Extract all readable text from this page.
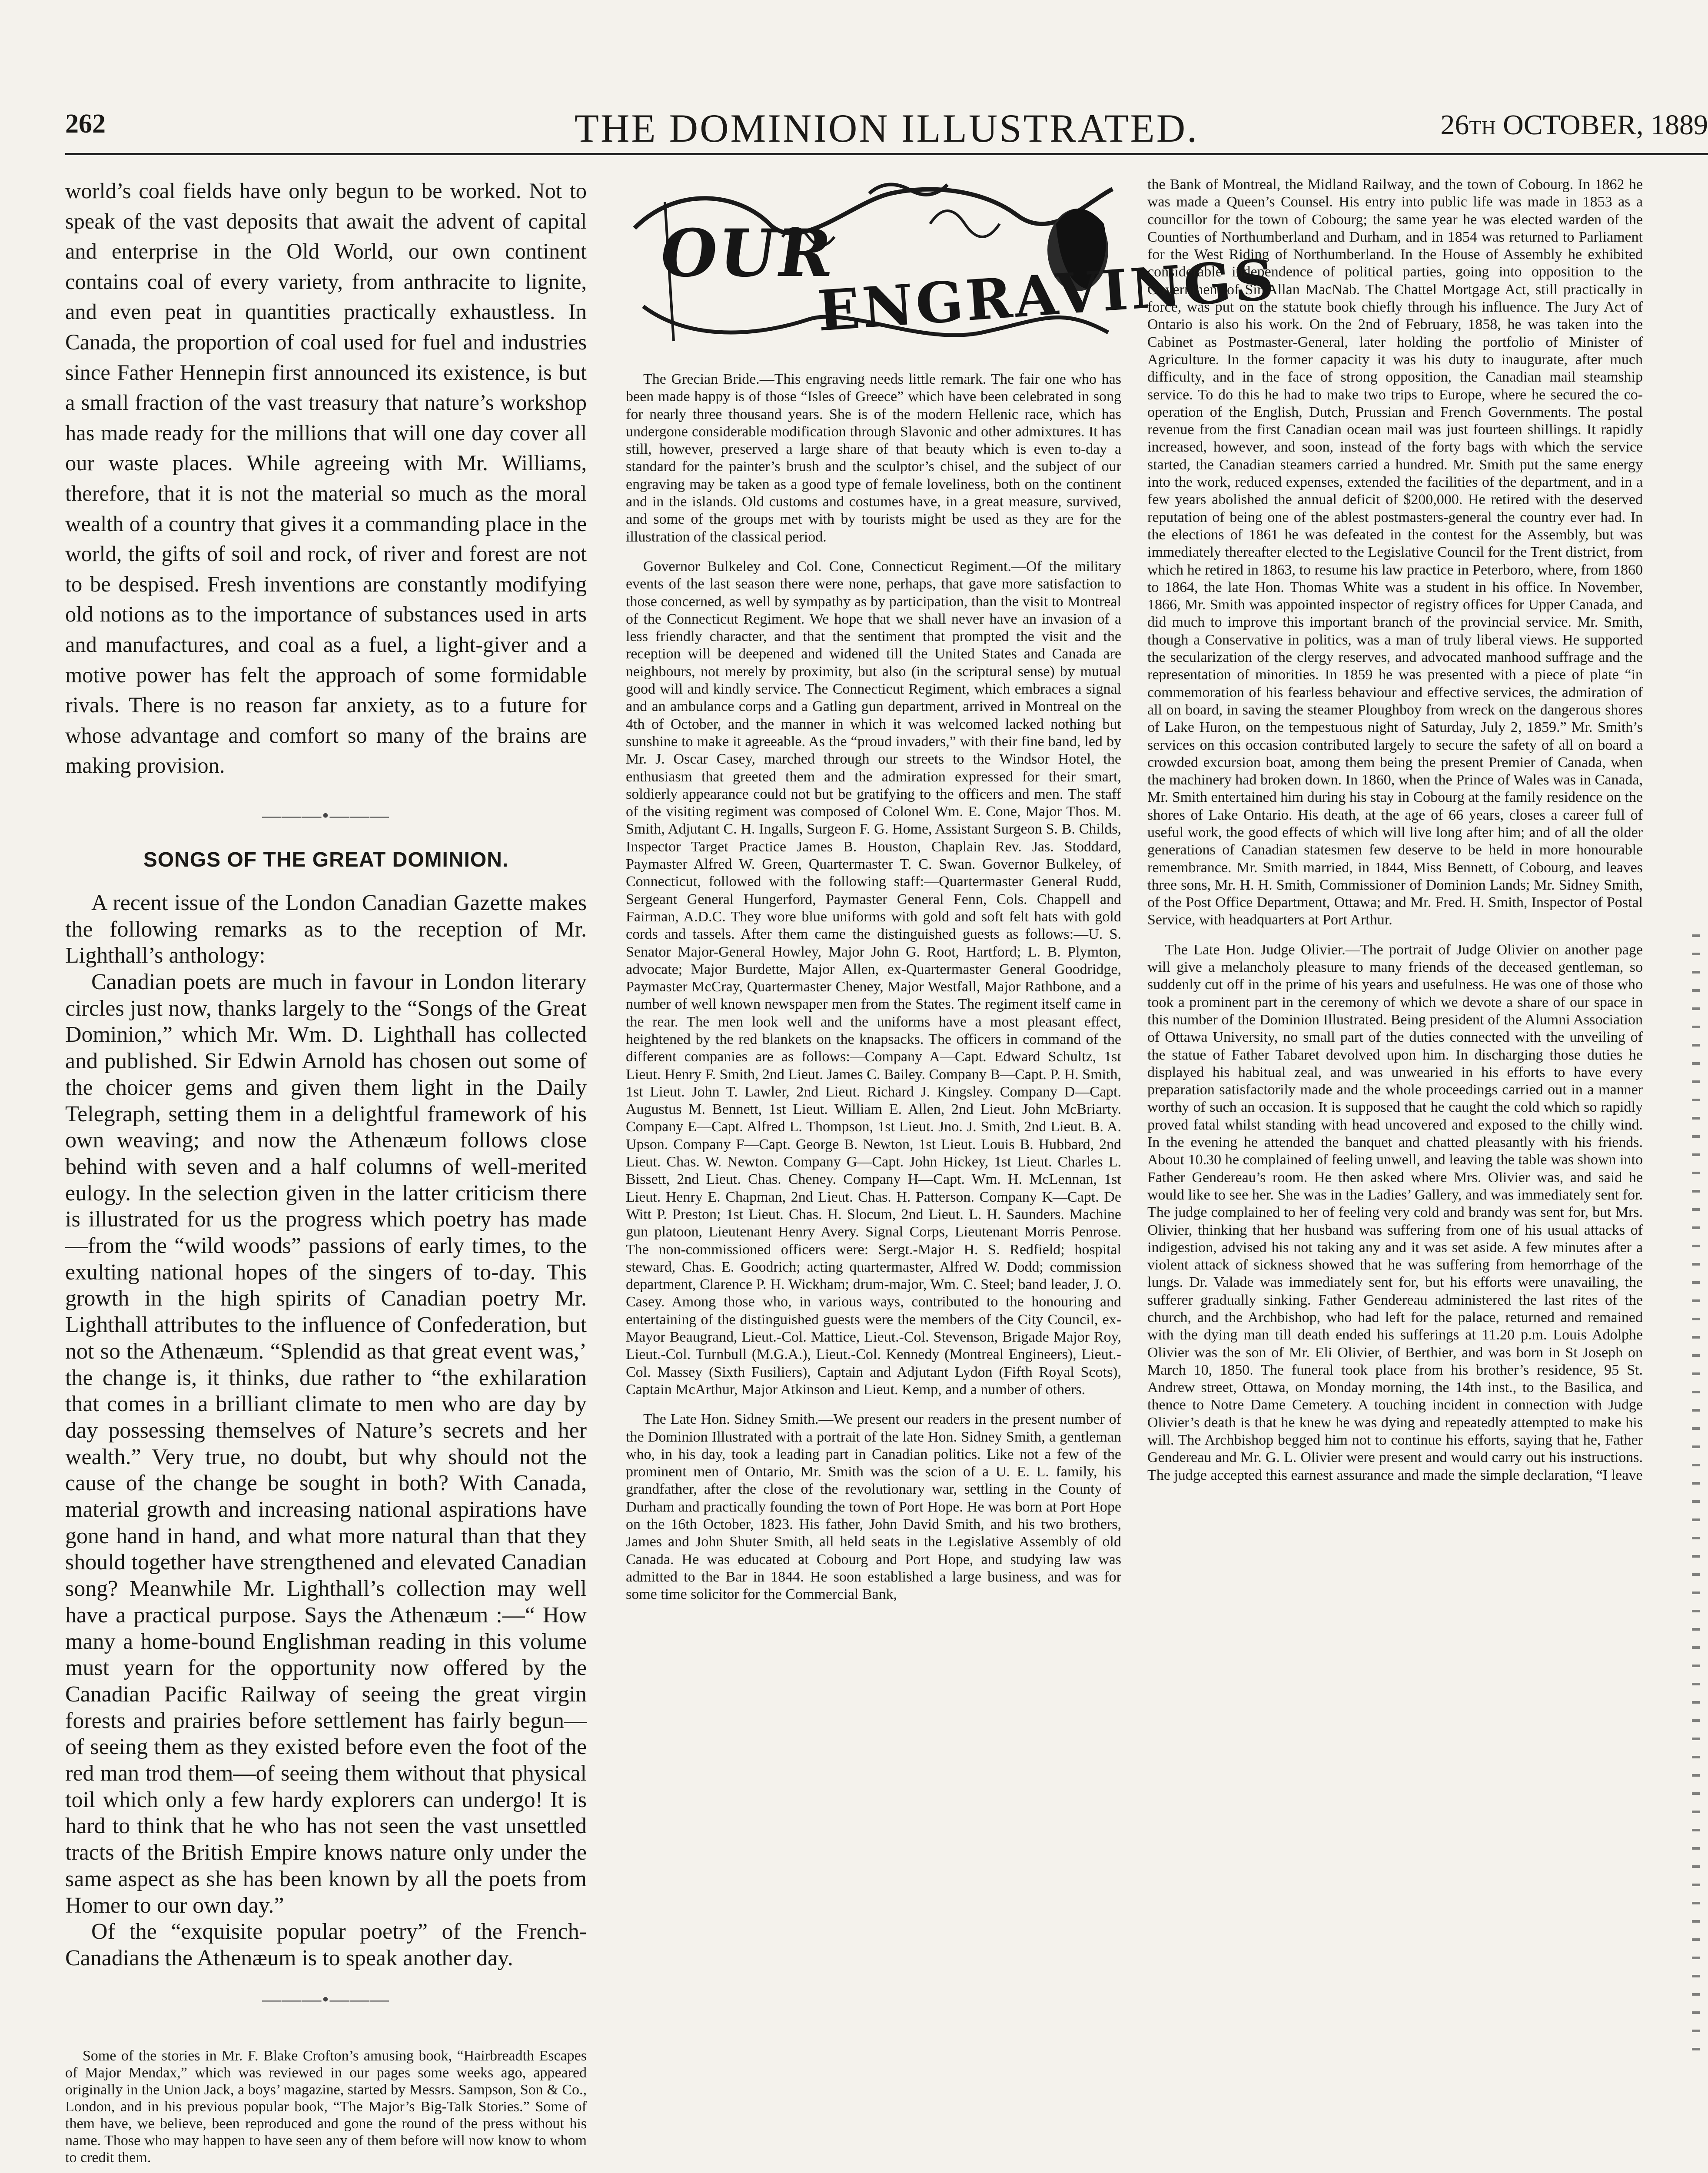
262	THE DOMINION ILLUSTRATED.	26th OCTOBER, 1889

world’s coal fields have only begun to be worked. Not to speak of the vast deposits that await the advent of capital and enterprise in the Old World, our own continent contains coal of every variety, from anthracite to lignite, and even peat in quantities practically exhaustless. In Canada, the proportion of coal used for fuel and industries since Father Hennepin first announced its existence, is but a small fraction of the vast treasury that nature’s workshop has made ready for the millions that will one day cover all our waste places. While agreeing with Mr. Williams, therefore, that it is not the material so much as the moral wealth of a country that gives it a commanding place in the world, the gifts of soil and rock, of river and forest are not to be despised. Fresh inventions are constantly modifying old notions as to the importance of substances used in arts and manufactures, and coal as a fuel, a light-giver and a motive power has felt the approach of some formidable rivals. There is no reason far anxiety, as to a future for whose advantage and comfort so many of the brains are making provision.

———•———
SONGS OF THE GREAT DOMINION.

A recent issue of the London Canadian Gazette makes the following remarks as to the reception of Mr. Lighthall’s anthology:

Canadian poets are much in favour in London literary circles just now, thanks largely to the “Songs of the Great Dominion,” which Mr. Wm. D. Lighthall has collected and published. Sir Edwin Arnold has chosen out some of the choicer gems and given them light in the Daily Telegraph, setting them in a delightful framework of his own weaving; and now the Athenæum follows close behind with seven and a half columns of well-merited eulogy. In the selection given in the latter criticism there is illustrated for us the progress which poetry has made—from the “wild woods” passions of early times, to the exulting national hopes of the singers of to-day. This growth in the high spirits of Canadian poetry Mr. Lighthall attributes to the influence of Confederation, but not so the Athenæum. “Splendid as that great event was,’ the change is, it thinks, due rather to “the exhilaration that comes in a brilliant climate to men who are day by day possessing themselves of Nature’s secrets and her wealth.” Very true, no doubt, but why should not the cause of the change be sought in both? With Canada, material growth and increasing national aspirations have gone hand in hand, and what more natural than that they should together have strengthened and elevated Canadian song? Meanwhile Mr. Lighthall’s collection may well have a practical purpose. Says the Athenæum :—“ How many a home-bound Englishman reading in this volume must yearn for the opportunity now offered by the Canadian Pacific Railway of seeing the great virgin forests and prairies before settlement has fairly begun—of seeing them as they existed before even the foot of the red man trod them—of seeing them without that physical toil which only a few hardy explorers can undergo! It is hard to think that he who has not seen the vast unsettled tracts of the British Empire knows nature only under the same aspect as she has been known by all the poets from Homer to our own day.”

Of the “exquisite popular poetry” of the French-Canadians the Athenæum is to speak another day.

———•———

Some of the stories in Mr. F. Blake Crofton’s amusing book, “Hairbreadth Escapes of Major Mendax,” which was reviewed in our pages some weeks ago, appeared originally in the Union Jack, a boys’ magazine, started by Messrs. Sampson, Son & Co., London, and in his previous popular book, “The Major’s Big-Talk Stories.” Some of them have, we believe, been reproduced and gone the round of the press without his name. Those who may happen to have seen any of them before will now know to whom to credit them.

OUR
ENGRAVINGS

The Grecian Bride.—This engraving needs little remark. The fair one who has been made happy is of those “Isles of Greece” which have been celebrated in song for nearly three thousand years. She is of the modern Hellenic race, which has undergone considerable modification through Slavonic and other admixtures. It has still, however, preserved a large share of that beauty which is even to-day a standard for the painter’s brush and the sculptor’s chisel, and the subject of our engraving may be taken as a good type of female loveliness, both on the continent and in the islands. Old customs and costumes have, in a great measure, survived, and some of the groups met with by tourists might be used as they are for the illustration of the classical period.

Governor Bulkeley and Col. Cone, Connecticut Regiment.—Of the military events of the last season there were none, perhaps, that gave more satisfaction to those concerned, as well by sympathy as by participation, than the visit to Montreal of the Connecticut Regiment. We hope that we shall never have an invasion of a less friendly character, and that the sentiment that prompted the visit and the reception will be deepened and widened till the United States and Canada are neighbours, not merely by proximity, but also (in the scriptural sense) by mutual good will and kindly service. The Connecticut Regiment, which embraces a signal and an ambulance corps and a Gatling gun department, arrived in Montreal on the 4th of October, and the manner in which it was welcomed lacked nothing but sunshine to make it agreeable. As the “proud invaders,” with their fine band, led by Mr. J. Oscar Casey, marched through our streets to the Windsor Hotel, the enthusiasm that greeted them and the admiration expressed for their smart, soldierly appearance could not but be gratifying to the officers and men. The staff of the visiting regiment was composed of Colonel Wm. E. Cone, Major Thos. M. Smith, Adjutant C. H. Ingalls, Surgeon F. G. Home, Assistant Surgeon S. B. Childs, Inspector Target Practice James B. Houston, Chaplain Rev. Jas. Stoddard, Paymaster Alfred W. Green, Quartermaster T. C. Swan. Governor Bulkeley, of Connecticut, followed with the following staff:—Quartermaster General Rudd, Sergeant General Hungerford, Paymaster General Fenn, Cols. Chappell and Fairman, A.D.C. They wore blue uniforms with gold and soft felt hats with gold cords and tassels. After them came the distinguished guests as follows:—U. S. Senator Major-General Howley, Major John G. Root, Hartford; L. B. Plymton, advocate; Major Burdette, Major Allen, ex-Quartermaster General Goodridge, Paymaster McCray, Quartermaster Cheney, Major Westfall, Major Rathbone, and a number of well known newspaper men from the States. The regiment itself came in the rear. The men look well and the uniforms have a most pleasant effect, heightened by the red blankets on the knapsacks. The officers in command of the different companies are as follows:—Company A—Capt. Edward Schultz, 1st Lieut. Henry F. Smith, 2nd Lieut. James C. Bailey. Company B—Capt. P. H. Smith, 1st Lieut. John T. Lawler, 2nd Lieut. Richard J. Kingsley. Company D—Capt. Augustus M. Bennett, 1st Lieut. William E. Allen, 2nd Lieut. John McBriarty. Company E—Capt. Alfred L. Thompson, 1st Lieut. Jno. J. Smith, 2nd Lieut. B. A. Upson. Company F—Capt. George B. Newton, 1st Lieut. Louis B. Hubbard, 2nd Lieut. Chas. W. Newton. Company G—Capt. John Hickey, 1st Lieut. Charles L. Bissett, 2nd Lieut. Chas. Cheney. Company H—Capt. Wm. H. McLennan, 1st Lieut. Henry E. Chapman, 2nd Lieut. Chas. H. Patterson. Company K—Capt. De Witt P. Preston; 1st Lieut. Chas. H. Slocum, 2nd Lieut. L. H. Saunders. Machine gun platoon, Lieutenant Henry Avery. Signal Corps, Lieutenant Morris Penrose. The non-commissioned officers were: Sergt.-Major H. S. Redfield; hospital steward, Chas. E. Goodrich; acting quartermaster, Alfred W. Dodd; commission department, Clarence P. H. Wickham; drum-major, Wm. C. Steel; band leader, J. O. Casey. Among those who, in various ways, contributed to the honouring and entertaining of the distinguished guests were the members of the City Council, ex-Mayor Beaugrand, Lieut.-Col. Mattice, Lieut.-Col. Stevenson, Brigade Major Roy, Lieut.-Col. Turnbull (M.G.A.), Lieut.-Col. Kennedy (Montreal Engineers), Lieut.-Col. Massey (Sixth Fusiliers), Captain and Adjutant Lydon (Fifth Royal Scots), Captain McArthur, Major Atkinson and Lieut. Kemp, and a number of others.

The Late Hon. Sidney Smith.—We present our readers in the present number of the Dominion Illustrated with a portrait of the late Hon. Sidney Smith, a gentleman who, in his day, took a leading part in Canadian politics. Like not a few of the prominent men of Ontario, Mr. Smith was the scion of a U. E. L. family, his grandfather, after the close of the revolutionary war, settling in the County of Durham and practically founding the town of Port Hope. He was born at Port Hope on the 16th October, 1823. His father, John David Smith, and his two brothers, James and John Shuter Smith, all held seats in the Legislative Assembly of old Canada. He was educated at Cobourg and Port Hope, and studying law was admitted to the Bar in 1844. He soon established a large business, and was for some time solicitor for the Commercial Bank,

the Bank of Montreal, the Midland Railway, and the town of Cobourg. In 1862 he was made a Queen’s Counsel. His entry into public life was made in 1853 as a councillor for the town of Cobourg; the same year he was elected warden of the Counties of Northumberland and Durham, and in 1854 was returned to Parliament for the West Riding of Northumberland. In the House of Assembly he exhibited considerable independence of political parties, going into opposition to the Government of Sir Allan MacNab. The Chattel Mortgage Act, still practically in force, was put on the statute book chiefly through his influence. The Jury Act of Ontario is also his work. On the 2nd of February, 1858, he was taken into the Cabinet as Postmaster-General, later holding the portfolio of Minister of Agriculture. In the former capacity it was his duty to inaugurate, after much difficulty, and in the face of strong opposition, the Canadian mail steamship service. To do this he had to make two trips to Europe, where he secured the co-operation of the English, Dutch, Prussian and French Governments. The postal revenue from the first Canadian ocean mail was just fourteen shillings. It rapidly increased, however, and soon, instead of the forty bags with which the service started, the Canadian steamers carried a hundred. Mr. Smith put the same energy into the work, reduced expenses, extended the facilities of the department, and in a few years abolished the annual deficit of $200,000. He retired with the deserved reputation of being one of the ablest postmasters-general the country ever had. In the elections of 1861 he was defeated in the contest for the Assembly, but was immediately thereafter elected to the Legislative Council for the Trent district, from which he retired in 1863, to resume his law practice in Peterboro, where, from 1860 to 1864, the late Hon. Thomas White was a student in his office. In November, 1866, Mr. Smith was appointed inspector of registry offices for Upper Canada, and did much to improve this important branch of the provincial service. Mr. Smith, though a Conservative in politics, was a man of truly liberal views. He supported the secularization of the clergy reserves, and advocated manhood suffrage and the representation of minorities. In 1859 he was presented with a piece of plate “in commemoration of his fearless behaviour and effective services, the admiration of all on board, in saving the steamer Ploughboy from wreck on the dangerous shores of Lake Huron, on the tempestuous night of Saturday, July 2, 1859.” Mr. Smith’s services on this occasion contributed largely to secure the safety of all on board a crowded excursion boat, among them being the present Premier of Canada, when the machinery had broken down. In 1860, when the Prince of Wales was in Canada, Mr. Smith entertained him during his stay in Cobourg at the family residence on the shores of Lake Ontario. His death, at the age of 66 years, closes a career full of useful work, the good effects of which will live long after him; and of all the older generations of Canadian statesmen few deserve to be held in more honourable remembrance. Mr. Smith married, in 1844, Miss Bennett, of Cobourg, and leaves three sons, Mr. H. H. Smith, Commissioner of Dominion Lands; Mr. Sidney Smith, of the Post Office Department, Ottawa; and Mr. Fred. H. Smith, Inspector of Postal Service, with headquarters at Port Arthur.

The Late Hon. Judge Olivier.—The portrait of Judge Olivier on another page will give a melancholy pleasure to many friends of the deceased gentleman, so suddenly cut off in the prime of his years and usefulness. He was one of those who took a prominent part in the ceremony of which we devote a share of our space in this number of the Dominion Illustrated. Being president of the Alumni Association of Ottawa University, no small part of the duties connected with the unveiling of the statue of Father Tabaret devolved upon him. In discharging those duties he displayed his habitual zeal, and was unwearied in his efforts to have every preparation satisfactorily made and the whole proceedings carried out in a manner worthy of such an occasion. It is supposed that he caught the cold which so rapidly proved fatal whilst standing with head uncovered and exposed to the chilly wind. In the evening he attended the banquet and chatted pleasantly with his friends. About 10.30 he complained of feeling unwell, and leaving the table was shown into Father Gendereau’s room. He then asked where Mrs. Olivier was, and said he would like to see her. She was in the Ladies’ Gallery, and was immediately sent for. The judge complained to her of feeling very cold and brandy was sent for, but Mrs. Olivier, thinking that her husband was suffering from one of his usual attacks of indigestion, advised his not taking any and it was set aside. A few minutes after a violent attack of sickness showed that he was suffering from hemorrhage of the lungs. Dr. Valade was immediately sent for, but his efforts were unavailing, the sufferer gradually sinking. Father Gendereau administered the last rites of the church, and the Archbishop, who had left for the palace, returned and remained with the dying man till death ended his sufferings at 11.20 p.m. Louis Adolphe Olivier was the son of Mr. Eli Olivier, of Berthier, and was born in St Joseph on March 10, 1850. The funeral took place from his brother’s residence, 95 St. Andrew street, Ottawa, on Monday morning, the 14th inst., to the Basilica, and thence to Notre Dame Cemetery. A touching incident in connection with Judge Olivier’s death is that he knew he was dying and repeatedly attempted to make his will. The Archbishop begged him not to continue his efforts, saying that he, Father Gendereau and Mr. G. L. Olivier were present and would carry out his instructions. The judge accepted this earnest assurance and made the simple declaration, “I leave
